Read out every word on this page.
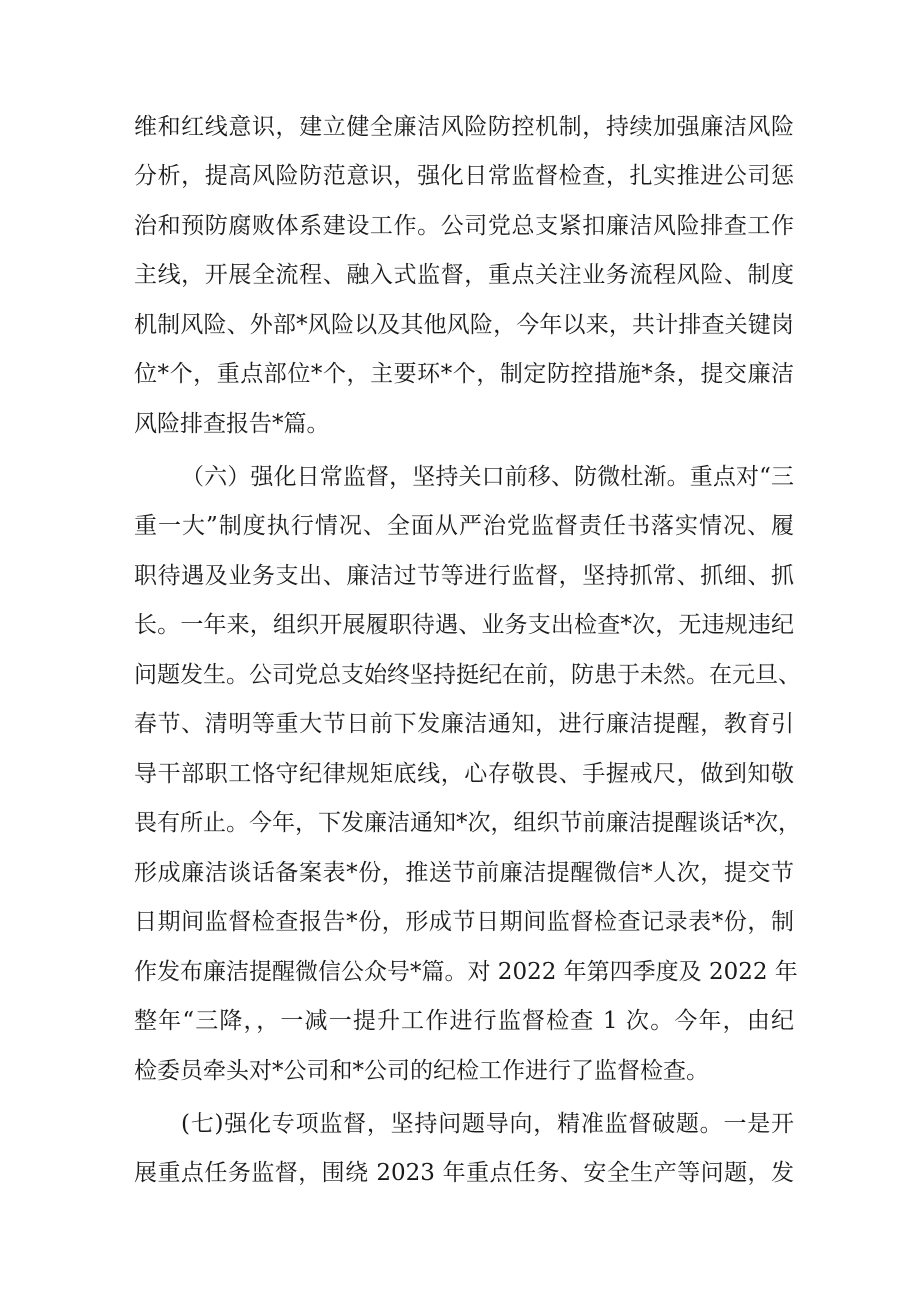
维和红线意识，建立健全廉洁风险防控机制，持续加强廉洁风险
分析，提高风险防范意识，强化日常监督检查，扎实推进公司惩
治和预防腐败体系建设工作。公司党总支紧扣廉洁风险排查工作
主线，开展全流程、融入式监督，重点关注业务流程风险、制度
机制风险、外部*风险以及其他风险，今年以来，共计排查关键岗
位*个，重点部位*个，主要环*个，制定防控措施*条，提交廉洁
风险排查报告*篇。
（六）强化日常监督，坚持关口前移、防微杜渐。重点对“三
重一大”制度执行情况、全面从严治党监督责任书落实情况、履
职待遇及业务支出、廉洁过节等进行监督，坚持抓常、抓细、抓
长。一年来，组织开展履职待遇、业务支出检查*次，无违规违纪
问题发生。公司党总支始终坚持挺纪在前，防患于未然。在元旦、
春节、清明等重大节日前下发廉洁通知，进行廉洁提醒，教育引
导干部职工恪守纪律规矩底线，心存敬畏、手握戒尺，做到知敬
畏有所止。今年，下发廉洁通知*次，组织节前廉洁提醒谈话*次，
形成廉洁谈话备案表*份，推送节前廉洁提醒微信*人次，提交节
日期间监督检查报告*份，形成节日期间监督检查记录表*份，制
作发布廉洁提醒微信公众号*篇。对 2022 年第四季度及 2022 年
整年“三降，，一减一提升工作进行监督检查 1 次。今年，由纪
检委员牵头对*公司和*公司的纪检工作进行了监督检查。
(七)强化专项监督，坚持问题导向，精准监督破题。一是开
展重点任务监督，围绕 2023 年重点任务、安全生产等问题，发
